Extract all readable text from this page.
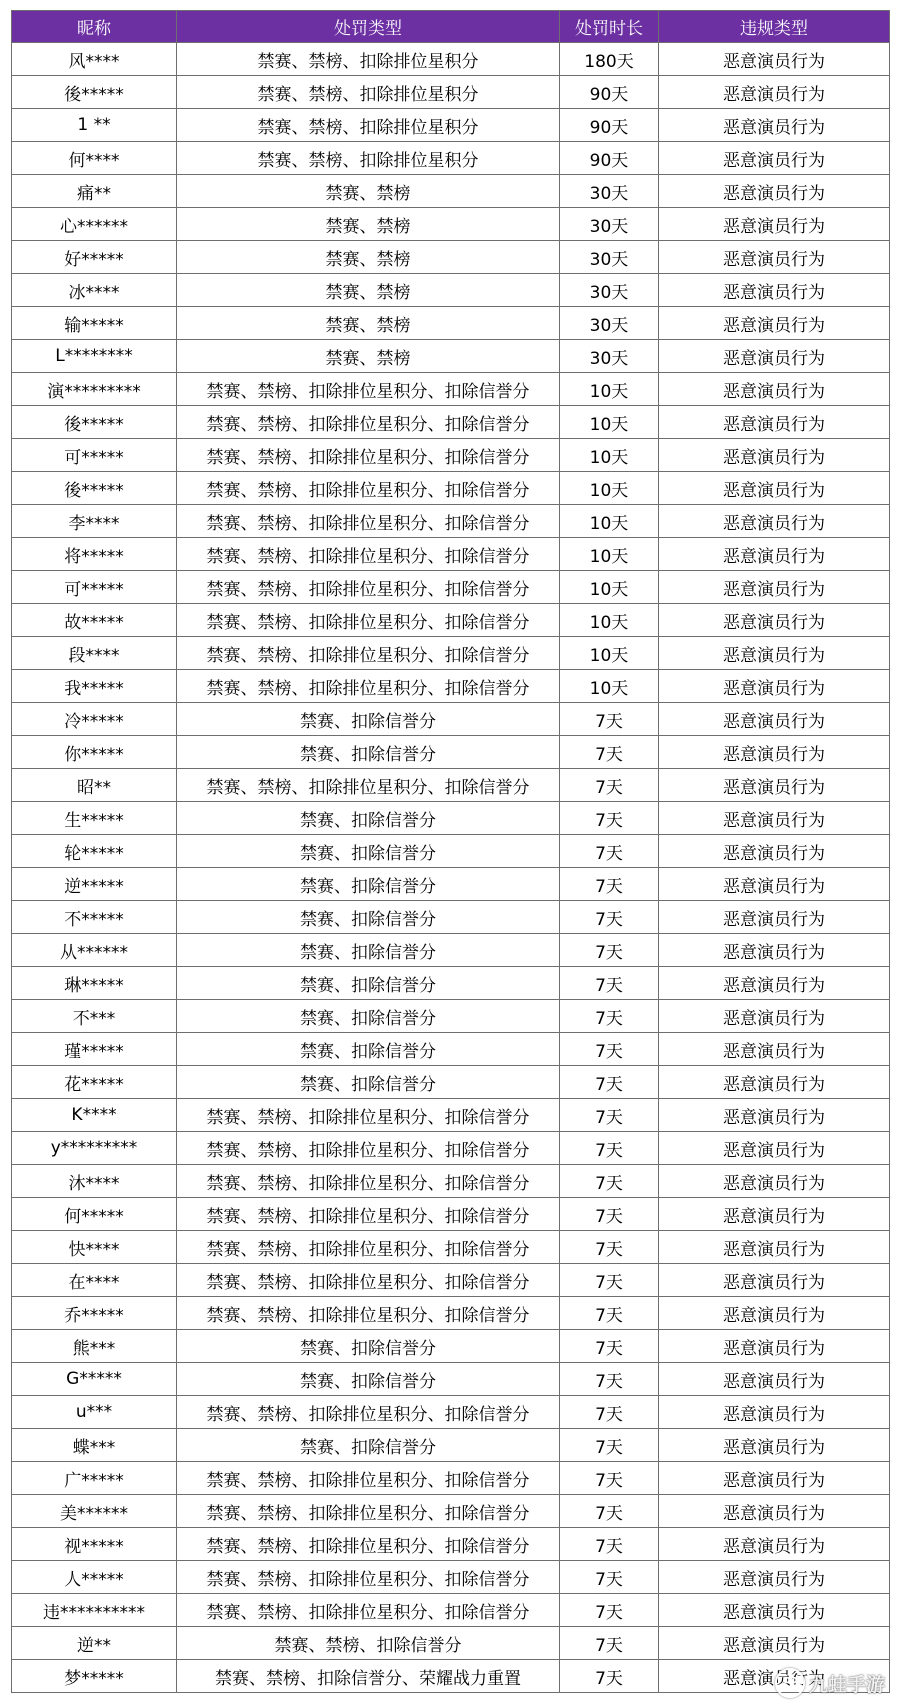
昵称	处罚类型	处罚时长	违规类型
风****	禁赛、禁榜、扣除排位星积分	180天	恶意演员行为
後*****	禁赛、禁榜、扣除排位星积分	90天	恶意演员行为
1 **	禁赛、禁榜、扣除排位星积分	90天	恶意演员行为
何****	禁赛、禁榜、扣除排位星积分	90天	恶意演员行为
痛**	禁赛、禁榜	30天	恶意演员行为
心******	禁赛、禁榜	30天	恶意演员行为
好*****	禁赛、禁榜	30天	恶意演员行为
冰****	禁赛、禁榜	30天	恶意演员行为
输*****	禁赛、禁榜	30天	恶意演员行为
L********	禁赛、禁榜	30天	恶意演员行为
演*********	禁赛、禁榜、扣除排位星积分、扣除信誉分	10天	恶意演员行为
後*****	禁赛、禁榜、扣除排位星积分、扣除信誉分	10天	恶意演员行为
可*****	禁赛、禁榜、扣除排位星积分、扣除信誉分	10天	恶意演员行为
後*****	禁赛、禁榜、扣除排位星积分、扣除信誉分	10天	恶意演员行为
李****	禁赛、禁榜、扣除排位星积分、扣除信誉分	10天	恶意演员行为
将*****	禁赛、禁榜、扣除排位星积分、扣除信誉分	10天	恶意演员行为
可*****	禁赛、禁榜、扣除排位星积分、扣除信誉分	10天	恶意演员行为
故*****	禁赛、禁榜、扣除排位星积分、扣除信誉分	10天	恶意演员行为
段****	禁赛、禁榜、扣除排位星积分、扣除信誉分	10天	恶意演员行为
我*****	禁赛、禁榜、扣除排位星积分、扣除信誉分	10天	恶意演员行为
冷*****	禁赛、扣除信誉分	7天	恶意演员行为
你*****	禁赛、扣除信誉分	7天	恶意演员行为
昭**	禁赛、禁榜、扣除排位星积分、扣除信誉分	7天	恶意演员行为
生*****	禁赛、扣除信誉分	7天	恶意演员行为
轮*****	禁赛、扣除信誉分	7天	恶意演员行为
逆*****	禁赛、扣除信誉分	7天	恶意演员行为
不*****	禁赛、扣除信誉分	7天	恶意演员行为
从******	禁赛、扣除信誉分	7天	恶意演员行为
琳*****	禁赛、扣除信誉分	7天	恶意演员行为
不***	禁赛、扣除信誉分	7天	恶意演员行为
瑾*****	禁赛、扣除信誉分	7天	恶意演员行为
花*****	禁赛、扣除信誉分	7天	恶意演员行为
K****	禁赛、禁榜、扣除排位星积分、扣除信誉分	7天	恶意演员行为
y*********	禁赛、禁榜、扣除排位星积分、扣除信誉分	7天	恶意演员行为
沐****	禁赛、禁榜、扣除排位星积分、扣除信誉分	7天	恶意演员行为
何*****	禁赛、禁榜、扣除排位星积分、扣除信誉分	7天	恶意演员行为
快****	禁赛、禁榜、扣除排位星积分、扣除信誉分	7天	恶意演员行为
在****	禁赛、禁榜、扣除排位星积分、扣除信誉分	7天	恶意演员行为
乔*****	禁赛、禁榜、扣除排位星积分、扣除信誉分	7天	恶意演员行为
熊***	禁赛、扣除信誉分	7天	恶意演员行为
G*****	禁赛、扣除信誉分	7天	恶意演员行为
u***	禁赛、禁榜、扣除排位星积分、扣除信誉分	7天	恶意演员行为
蝶***	禁赛、扣除信誉分	7天	恶意演员行为
广*****	禁赛、禁榜、扣除排位星积分、扣除信誉分	7天	恶意演员行为
美******	禁赛、禁榜、扣除排位星积分、扣除信誉分	7天	恶意演员行为
视*****	禁赛、禁榜、扣除排位星积分、扣除信誉分	7天	恶意演员行为
人*****	禁赛、禁榜、扣除排位星积分、扣除信誉分	7天	恶意演员行为
违**********	禁赛、禁榜、扣除排位星积分、扣除信誉分	7天	恶意演员行为
逆**	禁赛、禁榜、扣除信誉分	7天	恶意演员行为
梦*****	禁赛、禁榜、扣除信誉分、荣耀战力重置	7天	恶意演员行为
九蛙手游
